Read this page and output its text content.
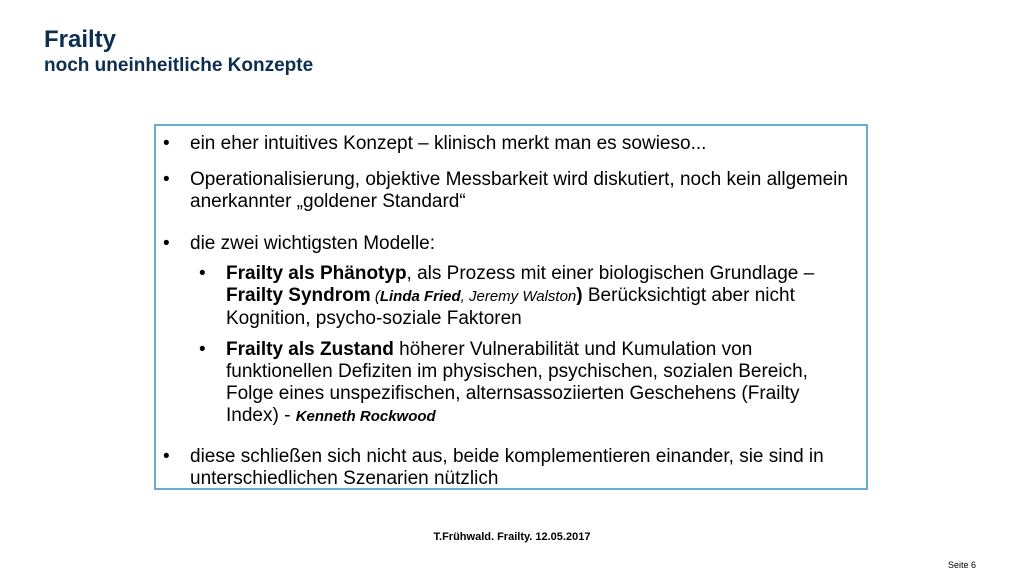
Frailty
noch uneinheitliche Konzepte
• ein eher intuitives Konzept – klinisch merkt man es sowieso...
• Operationalisierung, objektive Messbarkeit wird diskutiert, noch kein allgemein anerkannter „goldener Standard“
• die zwei wichtigsten Modelle:
• Frailty als Phänotyp, als Prozess mit einer biologischen Grundlage – Frailty Syndrom (Linda Fried, Jeremy Walston) Berücksichtigt aber nicht Kognition, psycho-soziale Faktoren
• Frailty als Zustand höherer Vulnerabilität und Kumulation von funktionellen Defiziten im physischen, psychischen, sozialen Bereich, Folge eines unspezifischen, alternsassoziierten Geschehens (Frailty Index) - Kenneth Rockwood
• diese schließen sich nicht aus, beide komplementieren einander, sie sind in unterschiedlichen Szenarien nützlich
T.Frühwald. Frailty. 12.05.2017
Seite 6
